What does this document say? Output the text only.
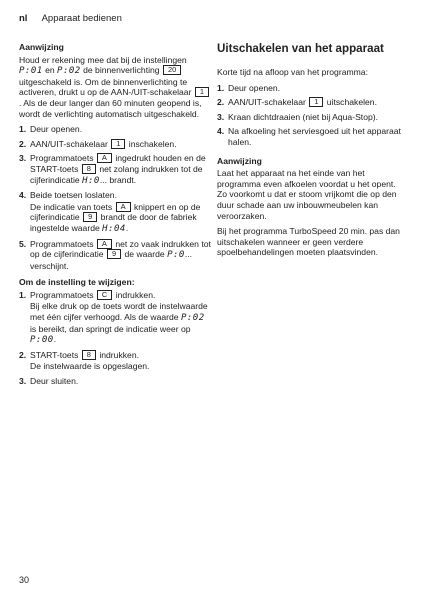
nl Apparaat bedienen
Aanwijzing

Houd er rekening mee dat bij de instellingen P:01 en P:02 de binnenverlichting 20 uitgeschakeld is. Om de binnenverlichting te activeren, drukt u op de AAN-/UIT-schakelaar 1. Als de deur langer dan 60 minuten geopend is, wordt de verlichting automatisch uitgeschakeld.

1. Deur openen.
2. AAN/UIT-schakelaar 1 inschakelen.
3. Programmatoets A ingedrukt houden en de START-toets 8 net zolang indrukken tot de cijferindicatie H:0... brandt.
4. Beide toetsen loslaten.
De indicatie van toets A knippert en op de cijferindicatie 9 brandt de door de fabriek ingestelde waarde H:04.
5. Programmatoets A net zo vaak indrukken tot op de cijferindicatie 9 de waarde P:0... verschijnt.
Om de instelling te wijzigen:
1. Programmatoets C indrukken.
Bij elke druk op de toets wordt de instelwaarde met één cijfer verhoogd. Als de waarde P:02 is bereikt, dan springt de indicatie weer op P:00.
2. START-toets 8 indrukken.
De instelwaarde is opgeslagen.
3. Deur sluiten.
Uitschakelen van het apparaat

Korte tijd na afloop van het programma:

1. Deur openen.
2. AAN/UIT-schakelaar 1 uitschakelen.
3. Kraan dichtdraaien (niet bij Aqua-Stop).
4. Na afkoeling het serviesgoed uit het apparaat halen.
Aanwijzing

Laat het apparaat na het einde van het programma even afkoelen voordat u het opent. Zo voorkomt u dat er stoom vrijkomt die op den duur schade aan uw inbouwmeubelen kan veroorzaken.

Bij het programma TurboSpeed 20 min. pas dan uitschakelen wanneer er geen verdere spoelbehandelingen moeten plaatsvinden.

30
